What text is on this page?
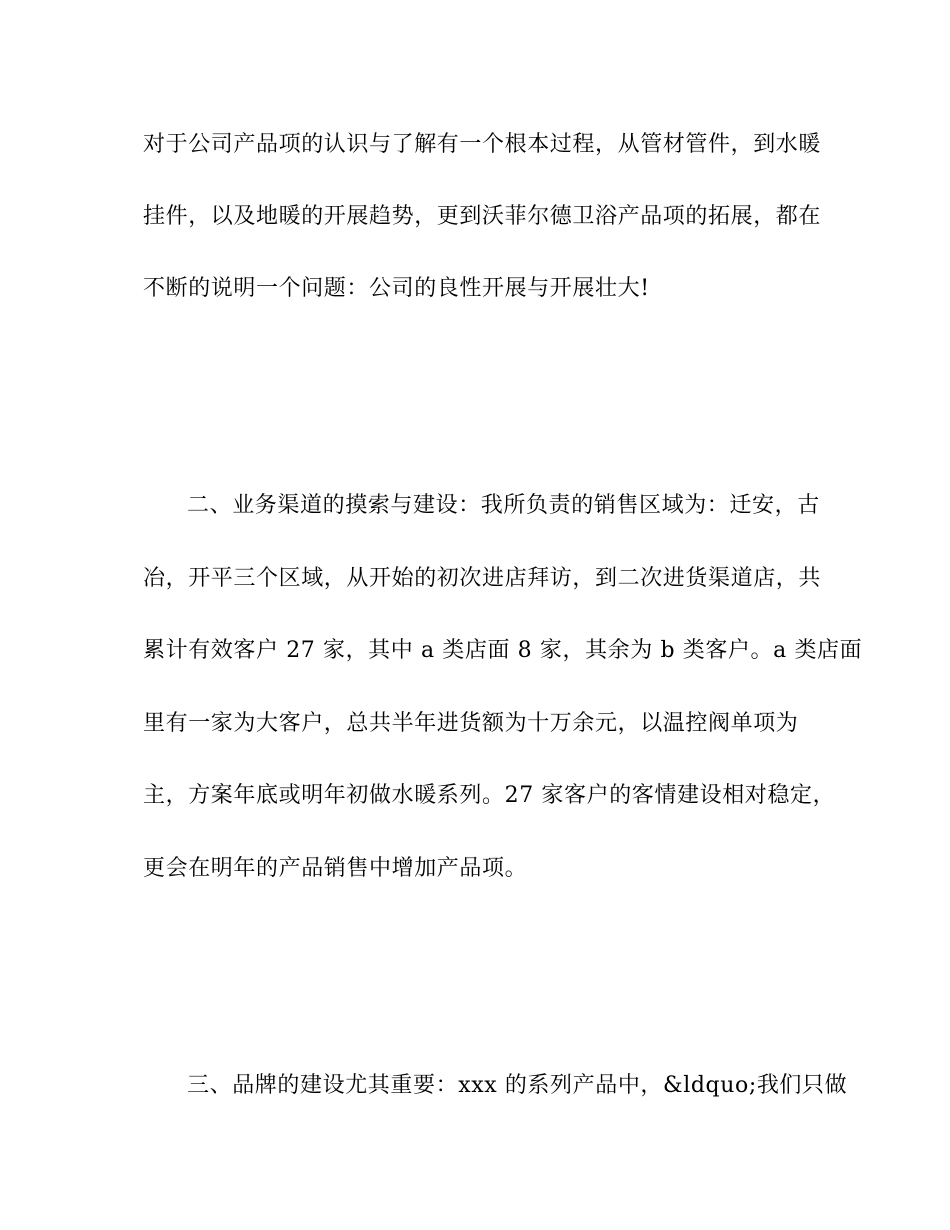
对于公司产品项的认识与了解有一个根本过程，从管材管件，到水暖
挂件，以及地暖的开展趋势，更到沃菲尔德卫浴产品项的拓展，都在
不断的说明一个问题：公司的良性开展与开展壮大!
二、业务渠道的摸索与建设：我所负责的销售区域为：迁安，古
冶，开平三个区域，从开始的初次进店拜访，到二次进货渠道店，共
累计有效客户 27 家，其中 a 类店面 8 家，其余为 b 类客户。a 类店面
里有一家为大客户，总共半年进货额为十万余元，以温控阀单项为
主，方案年底或明年初做水暖系列。27 家客户的客情建设相对稳定，
更会在明年的产品销售中增加产品项。
三、品牌的建设尤其重要：xxx 的系列产品中，&ldquo;我们只做
